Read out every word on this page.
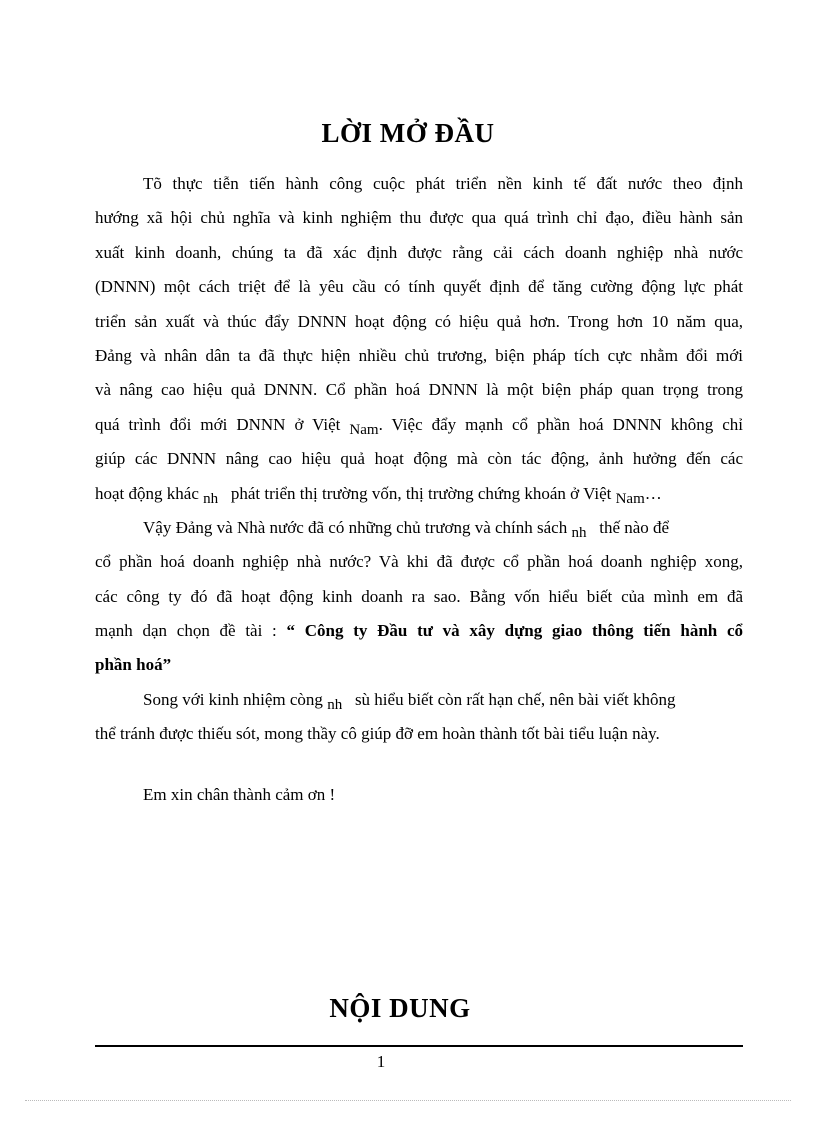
LỜI MỞ ĐẦU
Tõ thực tiễn tiến hành công cuộc phát triển nền kinh tế đất nước theo định
hướng xã hội chủ nghĩa và kinh nghiệm thu được qua quá trình chỉ đạo, điều hành sản
xuất kinh doanh, chúng ta đã xác định được rằng cải cách doanh nghiệp nhà nước
(DNNN) một cách triệt để là yêu cầu có tính quyết định để tăng cường động lực phát
triển sản xuất và thúc đẩy DNNN hoạt động có hiệu quả hơn. Trong hơn 10 năm qua,
Đảng và nhân dân ta đã thực hiện nhiều chủ trương, biện pháp tích cực nhằm đổi mới
và nâng cao hiệu quả DNNN. Cổ phần hoá DNNN là một biện pháp quan trọng trong
quá trình đổi mới DNNN ở Việt Nam. Việc đẩy mạnh cổ phần hoá DNNN không chỉ
giúp các DNNN nâng cao hiệu quả hoạt động mà còn tác động, ảnh hưởng đến các
hoạt động khác nh phát triển thị trường vốn, thị trường chứng khoán ở Việt Nam…
Vậy Đảng và Nhà nước đã có những chủ trương và chính sách nh thế nào để
cổ phần hoá doanh nghiệp nhà nước? Và khi đã được cổ phần hoá doanh nghiệp xong,
các công ty đó đã hoạt động kinh doanh ra sao. Bằng vốn hiểu biết của mình em đã
mạnh dạn chọn đề tài : “ Công ty Đầu tư và xây dựng giao thông tiến hành cổ
phần hoá”
Song với kinh nhiệm còng nh sù hiểu biết còn rất hạn chế, nên bài viết không
thể tránh được thiếu sót, mong thầy cô giúp đỡ em hoàn thành tốt bài tiểu luận này.
Em xin chân thành cảm ơn !
NỘI DUNG
1
